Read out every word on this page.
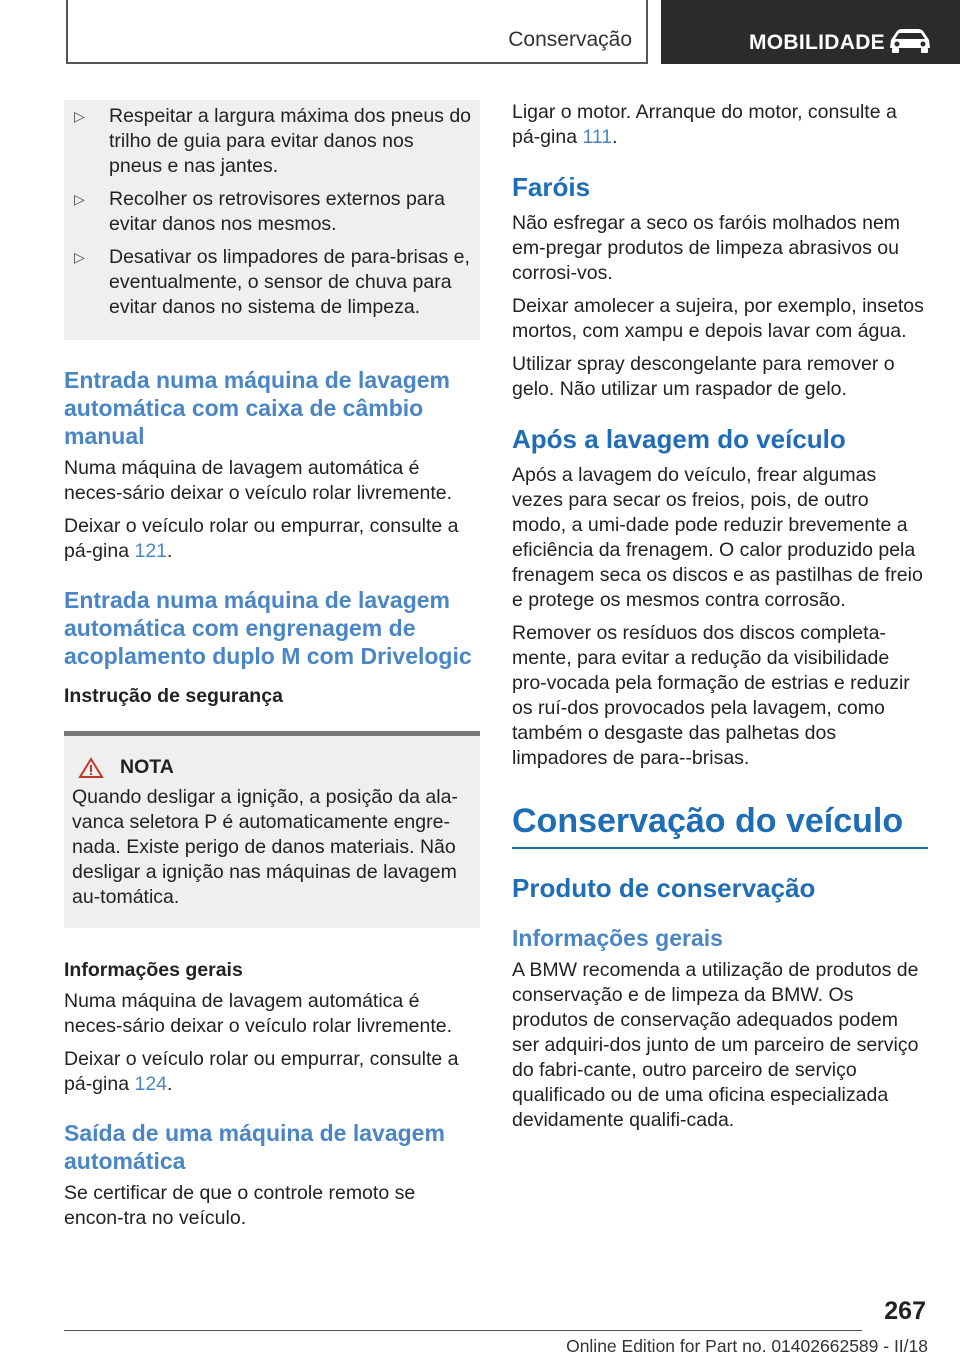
Conservação	MOBILIDADE
▷	Respeitar a largura máxima dos pneus do trilho de guia para evitar danos nos pneus e nas jantes.
▷	Recolher os retrovisores externos para evitar danos nos mesmos.
▷	Desativar os limpadores de para-brisas e, eventualmente, o sensor de chuva para evitar danos no sistema de limpeza.
Entrada numa máquina de lavagem automática com caixa de câmbio manual

Numa máquina de lavagem automática é neces-sário deixar o veículo rolar livremente.

Deixar o veículo rolar ou empurrar, consulte a pá-gina 121.

Entrada numa máquina de lavagem automática com engrenagem de acoplamento duplo M com Drivelogic
Instrução de segurança
NOTA

Quando desligar a ignição, a posição da ala-vanca seletora P é automaticamente engre-nada. Existe perigo de danos materiais. Não desligar a ignição nas máquinas de lavagem au-tomática.

Informações gerais

Numa máquina de lavagem automática é neces-sário deixar o veículo rolar livremente.

Deixar o veículo rolar ou empurrar, consulte a pá-gina 124.

Saída de uma máquina de lavagem automática

Se certificar de que o controle remoto se encon-tra no veículo.

Ligar o motor. Arranque do motor, consulte a pá-gina 111.

Faróis

Não esfregar a seco os faróis molhados nem em-pregar produtos de limpeza abrasivos ou corrosi-vos.

Deixar amolecer a sujeira, por exemplo, insetos mortos, com xampu e depois lavar com água.

Utilizar spray descongelante para remover o gelo. Não utilizar um raspador de gelo.

Após a lavagem do veículo

Após a lavagem do veículo, frear algumas vezes para secar os freios, pois, de outro modo, a umi-dade pode reduzir brevemente a eficiência da frenagem. O calor produzido pela frenagem seca os discos e as pastilhas de freio e protege os mesmos contra corrosão.

Remover os resíduos dos discos completa-mente, para evitar a redução da visibilidade pro-vocada pela formação de estrias e reduzir os ruí-dos provocados pela lavagem, como também o desgaste das palhetas dos limpadores de para--brisas.

Conservação do veículo
Produto de conservação
Informações gerais

A BMW recomenda a utilização de produtos de conservação e de limpeza da BMW. Os produtos de conservação adequados podem ser adquiri-dos junto de um parceiro de serviço do fabri-cante, outro parceiro de serviço qualificado ou de uma oficina especializada devidamente qualifi-cada.

267
Online Edition for Part no. 01402662589 - II/18
